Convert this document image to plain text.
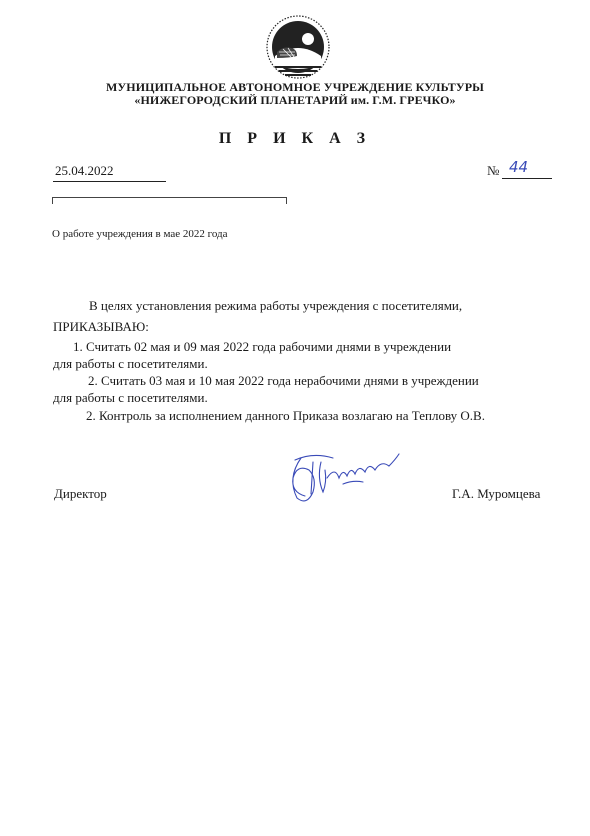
МУНИЦИПАЛЬНОЕ АВТОНОМНОЕ УЧРЕЖДЕНИЕ КУЛЬТУРЫ
«НИЖЕГОРОДСКИЙ ПЛАНЕТАРИЙ им. Г.М. ГРЕЧКО»
П Р И К А З
25.04.2022	№ 44
О работе учреждения в мае 2022 года
В целях установления режима работы учреждения с посетителями,
ПРИКАЗЫВАЮ:
1. Считать 02 мая и 09 мая 2022 года рабочими днями в учреждении
для работы с посетителями.
2. Считать 03 мая и 10 мая 2022 года нерабочими днями в учреждении
для работы с посетителями.
2. Контроль за исполнением данного Приказа возлагаю на Теплову О.В.
Директор	Г.А. Муромцева
